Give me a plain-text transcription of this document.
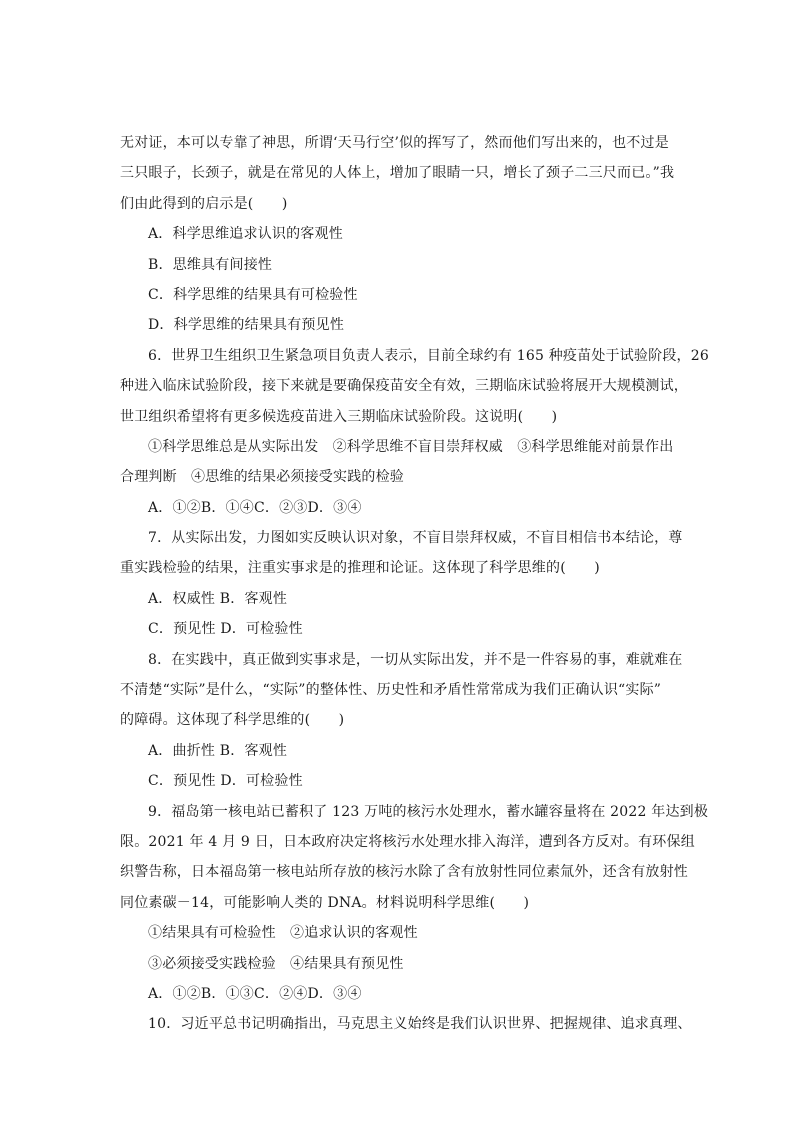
无对证，本可以专靠了神思，所谓‘天马行空’似的挥写了，然而他们写出来的，也不过是
三只眼子，长颈子，就是在常见的人体上，增加了眼睛一只，增长了颈子二三尺而已。”我
们由此得到的启示是(　　)
A．科学思维追求认识的客观性
B．思维具有间接性
C．科学思维的结果具有可检验性
D．科学思维的结果具有预见性
6．世界卫生组织卫生紧急项目负责人表示，目前全球约有 165 种疫苗处于试验阶段，26
种进入临床试验阶段，接下来就是要确保疫苗安全有效，三期临床试验将展开大规模测试，
世卫组织希望将有更多候选疫苗进入三期临床试验阶段。这说明(　　)
①科学思维总是从实际出发　②科学思维不盲目崇拜权威　③科学思维能对前景作出
合理判断　④思维的结果必须接受实践的检验
A．①②B．①④C．②③D．③④
7．从实际出发，力图如实反映认识对象，不盲目崇拜权威，不盲目相信书本结论，尊
重实践检验的结果，注重实事求是的推理和论证。这体现了科学思维的(　　)
A．权威性 B．客观性
C．预见性 D．可检验性
8．在实践中，真正做到实事求是，一切从实际出发，并不是一件容易的事，难就难在
不清楚“实际”是什么，“实际”的整体性、历史性和矛盾性常常成为我们正确认识“实际”
的障碍。这体现了科学思维的(　　)
A．曲折性 B．客观性
C．预见性 D．可检验性
9．福岛第一核电站已蓄积了 123 万吨的核污水处理水，蓄水罐容量将在 2022 年达到极
限。2021 年 4 月 9 日，日本政府决定将核污水处理水排入海洋，遭到各方反对。有环保组
织警告称，日本福岛第一核电站所存放的核污水除了含有放射性同位素氚外，还含有放射性
同位素碳－14，可能影响人类的 DNA。材料说明科学思维(　　)
①结果具有可检验性　②追求认识的客观性
③必须接受实践检验　④结果具有预见性
A．①②B．①③C．②④D．③④
10．习近平总书记明确指出，马克思主义始终是我们认识世界、把握规律、追求真理、
